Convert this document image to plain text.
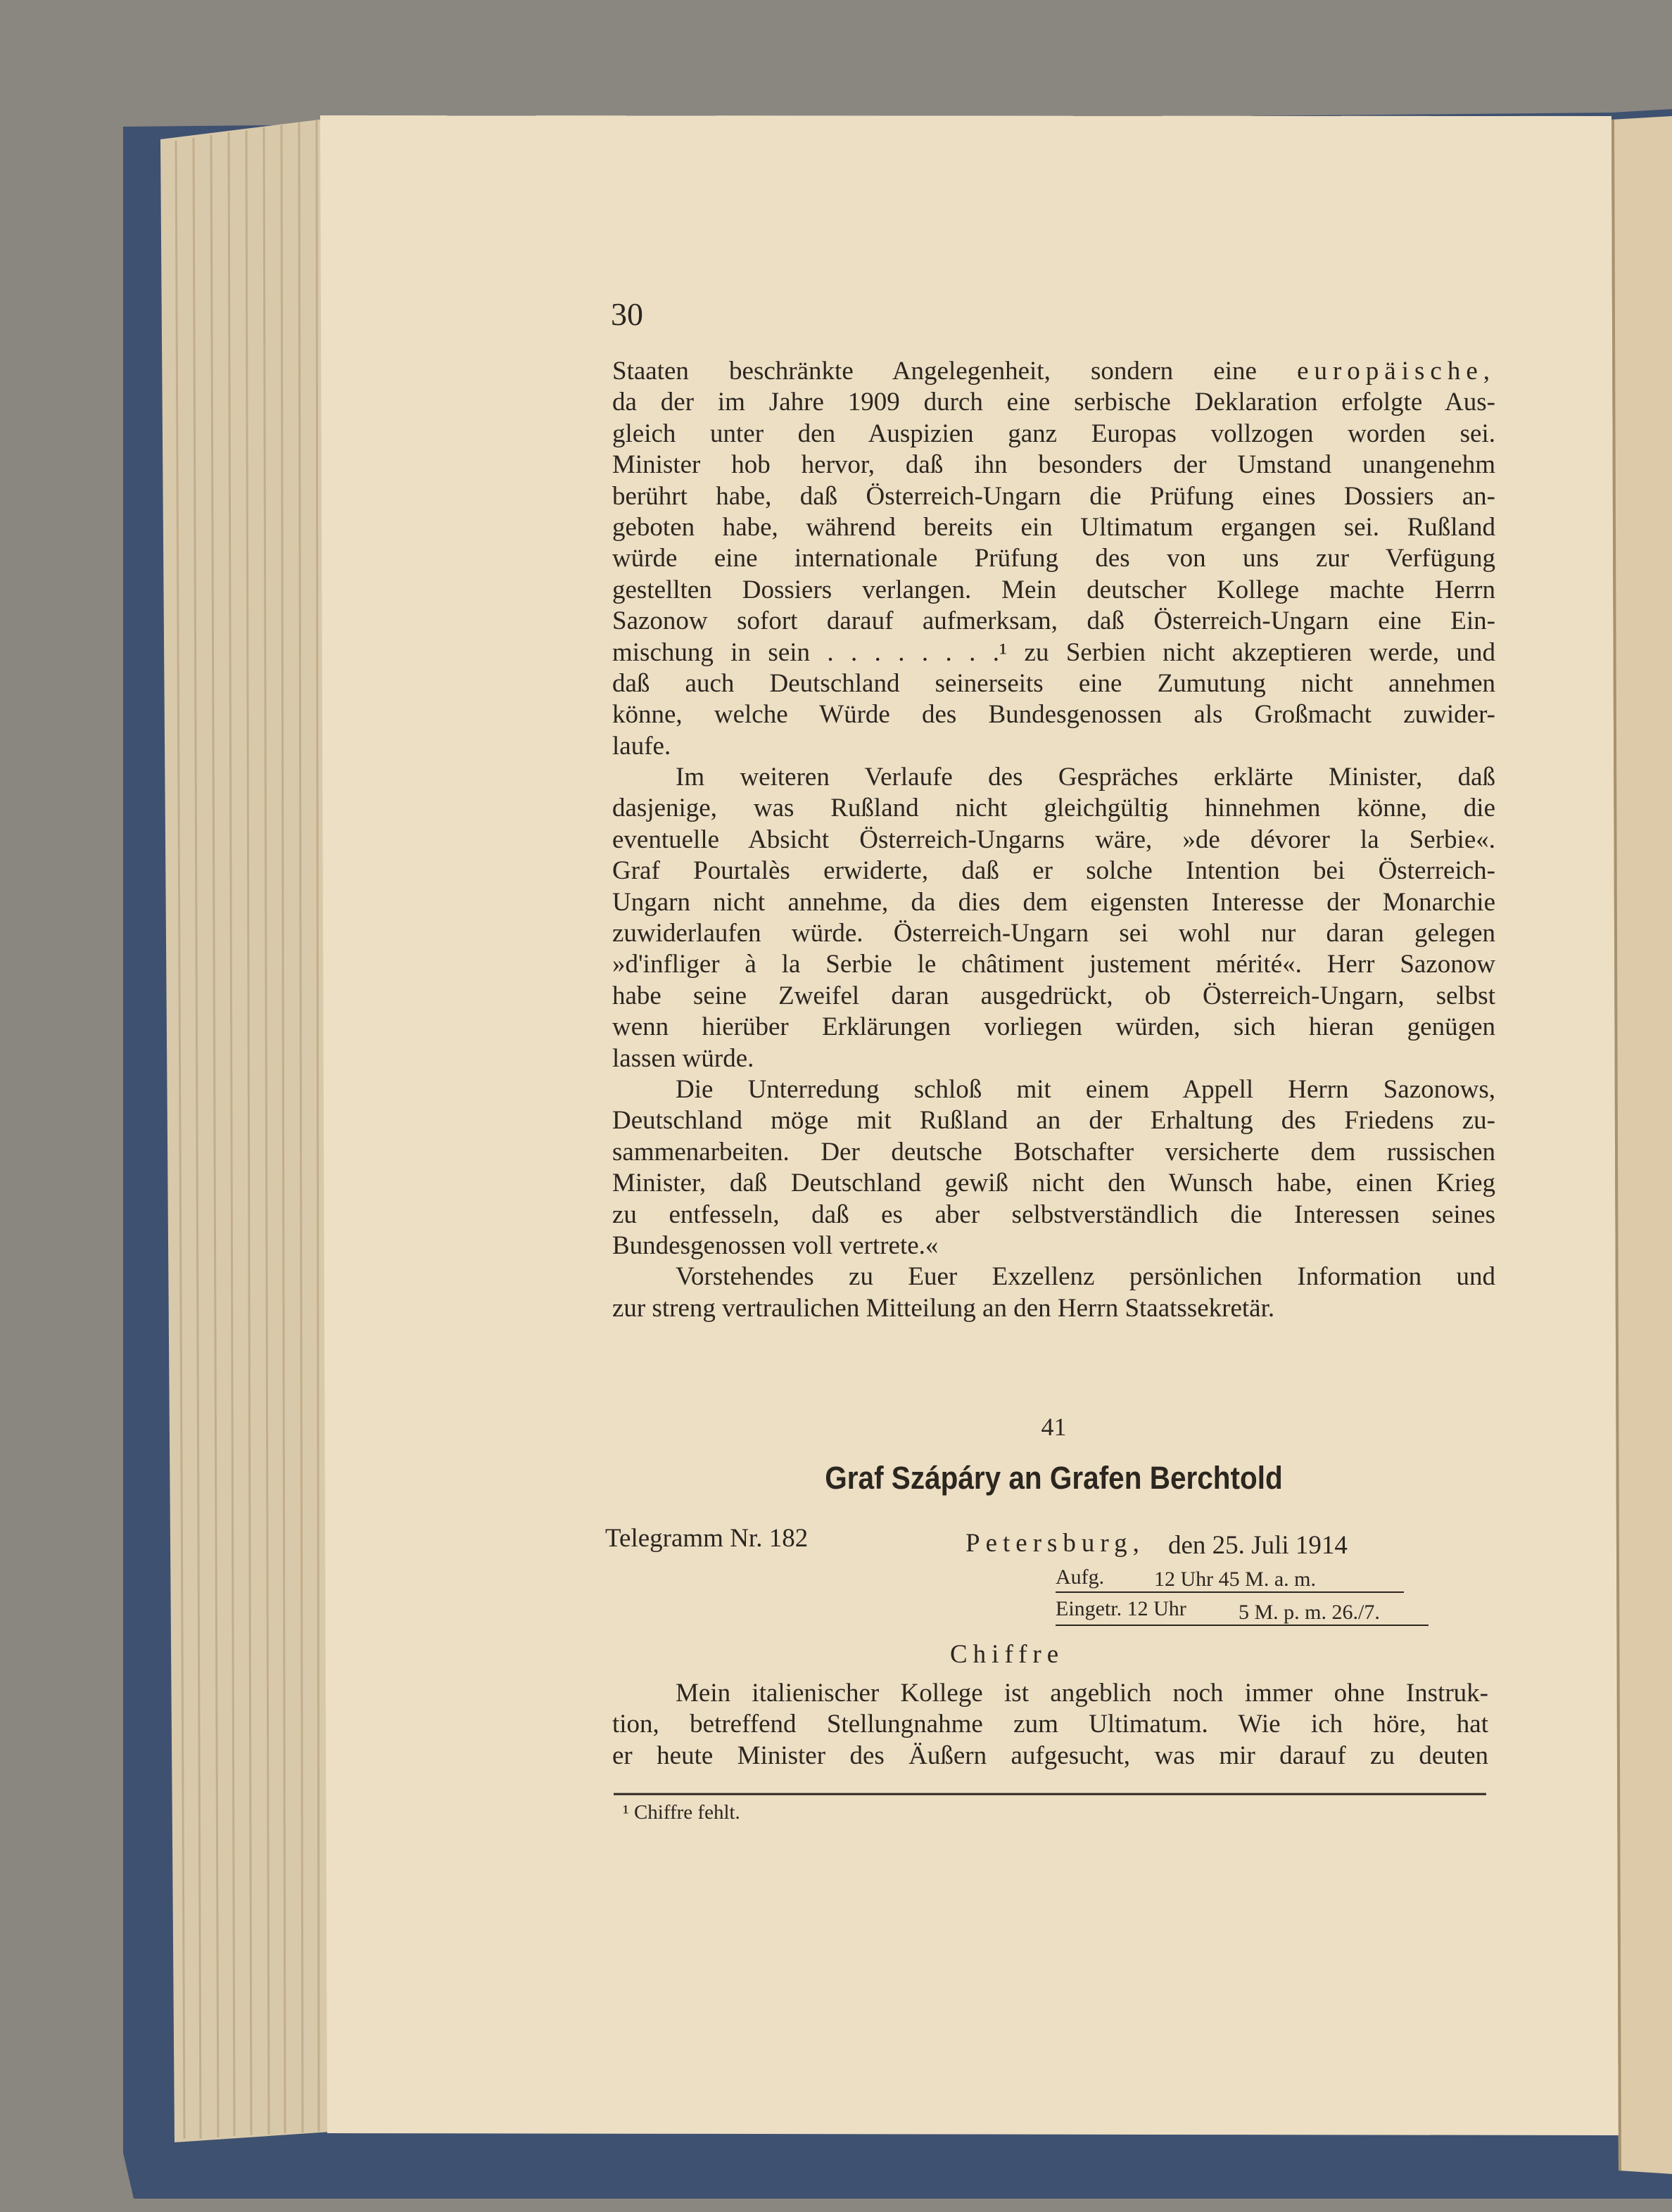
30
Staaten beschränkte Angelegenheit, sondern eine europäische,
da der im Jahre 1909 durch eine serbische Deklaration erfolgte Aus-
gleich unter den Auspizien ganz Europas vollzogen worden sei.
Minister hob hervor, daß ihn besonders der Umstand unangenehm
berührt habe, daß Österreich-Ungarn die Prüfung eines Dossiers an-
geboten habe, während bereits ein Ultimatum ergangen sei. Rußland
würde eine internationale Prüfung des von uns zur Verfügung
gestellten Dossiers verlangen. Mein deutscher Kollege machte Herrn
Sazonow sofort darauf aufmerksam, daß Österreich-Ungarn eine Ein-
mischung in sein . . . . . . . .¹ zu Serbien nicht akzeptieren werde, und
daß auch Deutschland seinerseits eine Zumutung nicht annehmen
könne, welche Würde des Bundesgenossen als Großmacht zuwider-
laufe.
Im weiteren Verlaufe des Gespräches erklärte Minister, daß
dasjenige, was Rußland nicht gleichgültig hinnehmen könne, die
eventuelle Absicht Österreich-Ungarns wäre, »de dévorer la Serbie«.
Graf Pourtalès erwiderte, daß er solche Intention bei Österreich-
Ungarn nicht annehme, da dies dem eigensten Interesse der Monarchie
zuwiderlaufen würde. Österreich-Ungarn sei wohl nur daran gelegen
»d'infliger à la Serbie le châtiment justement mérité«. Herr Sazonow
habe seine Zweifel daran ausgedrückt, ob Österreich-Ungarn, selbst
wenn hierüber Erklärungen vorliegen würden, sich hieran genügen
lassen würde.
Die Unterredung schloß mit einem Appell Herrn Sazonows,
Deutschland möge mit Rußland an der Erhaltung des Friedens zu-
sammenarbeiten. Der deutsche Botschafter versicherte dem russischen
Minister, daß Deutschland gewiß nicht den Wunsch habe, einen Krieg
zu entfesseln, daß es aber selbstverständlich die Interessen seines
Bundesgenossen voll vertrete.«
Vorstehendes zu Euer Exzellenz persönlichen Information und
zur streng vertraulichen Mitteilung an den Herrn Staatssekretär.
41
Graf Szápáry an Grafen Berchtold
Telegramm Nr. 182	Petersburg, den 25. Juli 1914
Aufg. 12 Uhr 45 M. a. m.
Eingetr. 12 Uhr 5 M. p. m. 26./7.
Chiffre
Mein italienischer Kollege ist angeblich noch immer ohne Instruk-
tion, betreffend Stellungnahme zum Ultimatum. Wie ich höre, hat
er heute Minister des Äußern aufgesucht, was mir darauf zu deuten
¹ Chiffre fehlt.
